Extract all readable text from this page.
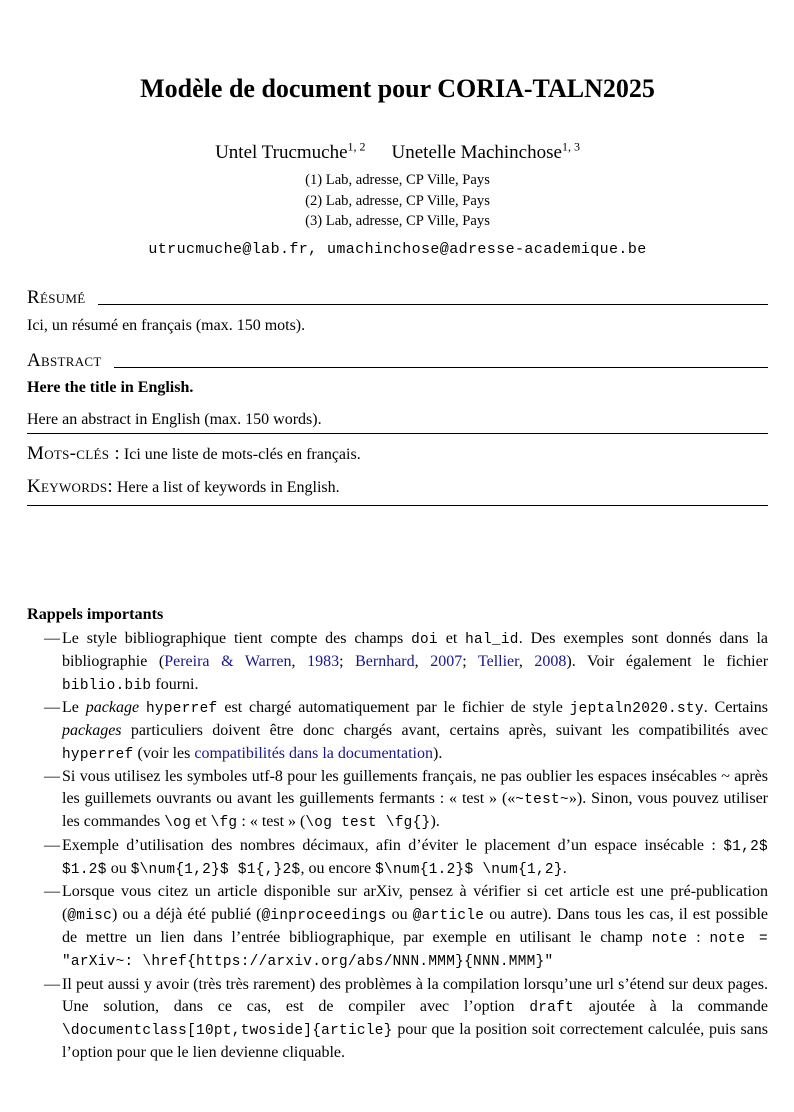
Modèle de document pour CORIA-TALN2025
Untel Trucmuche$^{1, 2}$ Unetelle Machinchose$^{1, 3}$
(1) Lab, adresse, CP Ville, Pays
(2) Lab, adresse, CP Ville, Pays
(3) Lab, adresse, CP Ville, Pays
utrucmuche@lab.fr, umachinchose@adresse-academique.be
Résumé

Ici, un résumé en français (max. 150 mots).

Abstract

Here the title in English.

Here an abstract in English (max. 150 words).

Mots-clés : Ici une liste de mots-clés en français.

Keywords: Here a list of keywords in English.

Rappels importants
— Le style bibliographique tient compte des champs doi et hal_id. Des exemples sont donnés dans la bibliographie (Pereira & Warren, 1983; Bernhard, 2007; Tellier, 2008). Voir également le fichier biblio.bib fourni.
— Le package hyperref est chargé automatiquement par le fichier de style jeptaln2020.sty. Certains packages particuliers doivent être donc chargés avant, certains après, suivant les compatibilités avec hyperref (voir les compatibilités dans la documentation).
— Si vous utilisez les symboles utf-8 pour les guillements français, ne pas oublier les espaces insécables ~ après les guillemets ouvrants ou avant les guillements fermants : « test » («~test~»). Sinon, vous pouvez utiliser les commandes \og et \fg : « test » (\og test \fg{}).
— Exemple d’utilisation des nombres décimaux, afin d’éviter le placement d’un espace insécable : $1,2$ $1.2$ ou $\num{1,2}$ $1{,}2$, ou encore $\num{1.2}$ \num{1,2}.
— Lorsque vous citez un article disponible sur arXiv, pensez à vérifier si cet article est une pré-publication (@misc) ou a déjà été publié (@inproceedings ou @article ou autre). Dans tous les cas, il est possible de mettre un lien dans l’entrée bibliographique, par exemple en utilisant le champ note : note = "arXiv~: \href{https://arxiv.org/abs/NNN.MMM}{NNN.MMM}"
— Il peut aussi y avoir (très très rarement) des problèmes à la compilation lorsqu’une url s’étend sur deux pages. Une solution, dans ce cas, est de compiler avec l’option draft ajoutée à la commande \documentclass[10pt,twoside]{article} pour que la position soit correctement calculée, puis sans l’option pour que le lien devienne cliquable.
